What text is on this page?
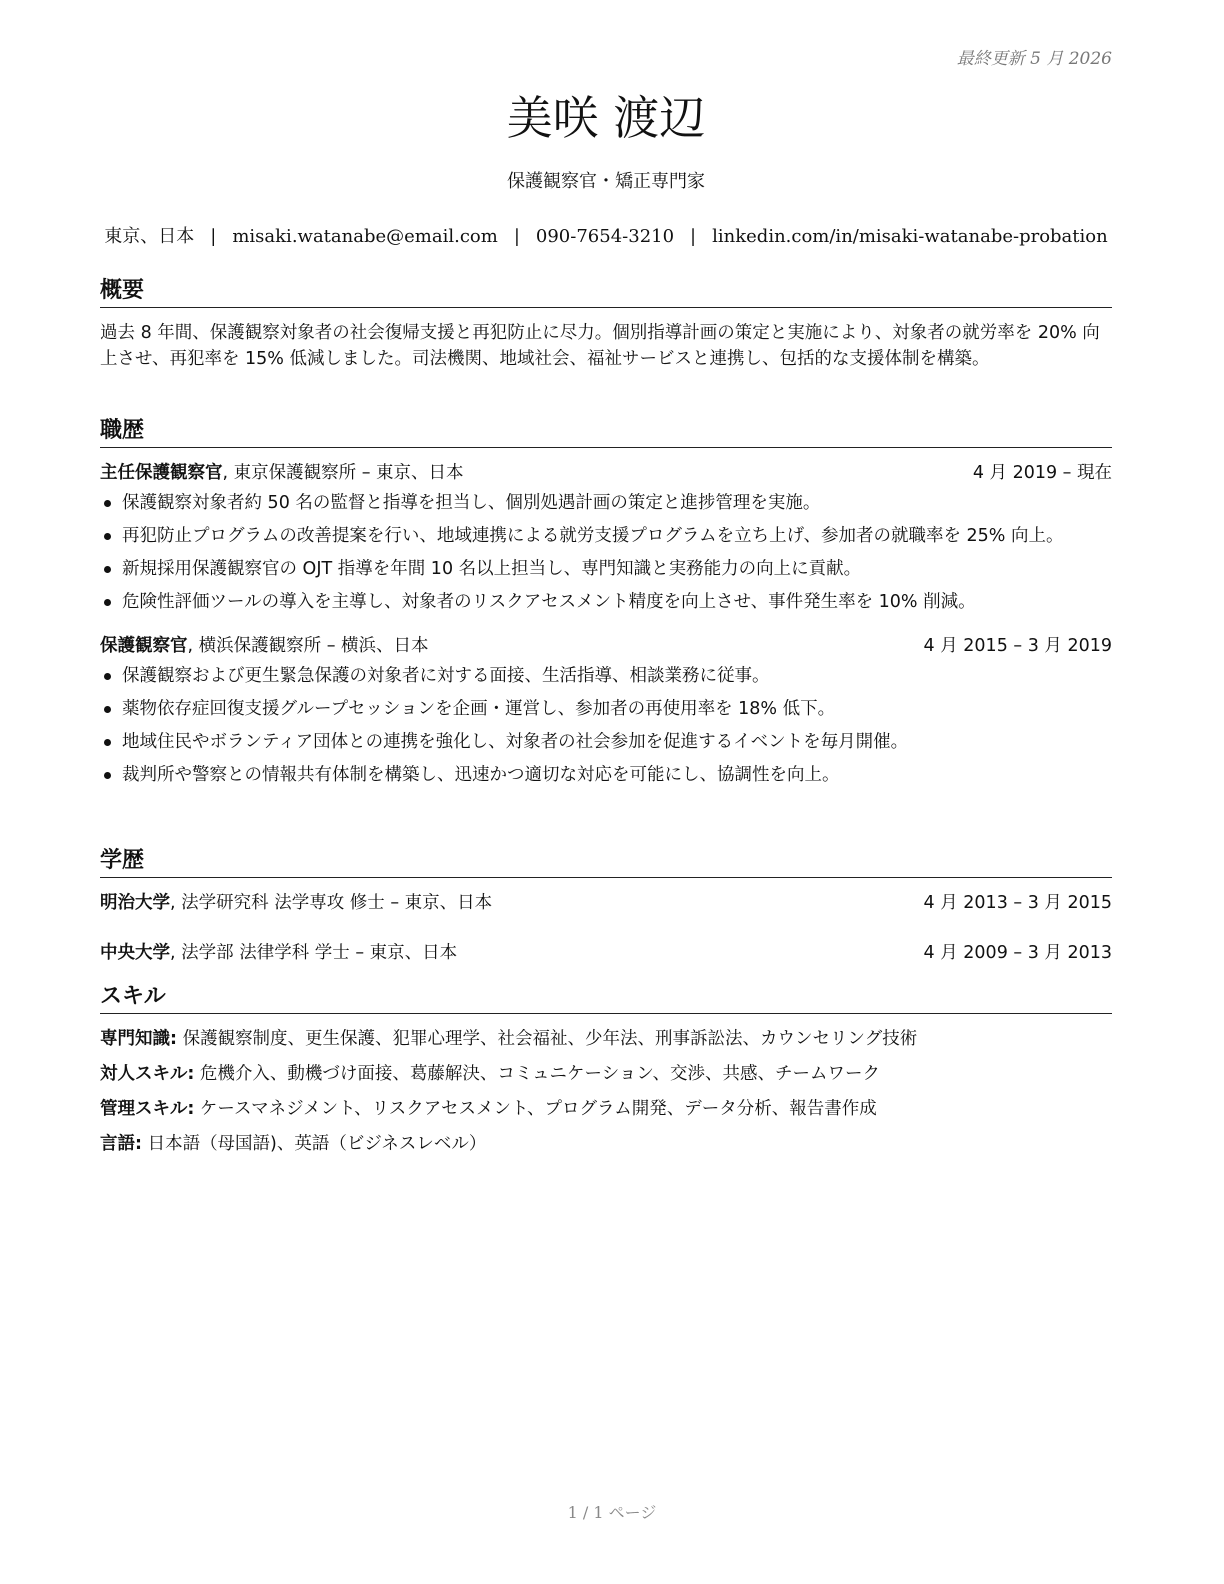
最終更新 5 月 2026
美咲 渡辺
保護観察官・矯正専門家
東京、日本 | misaki.watanabe@email.com | 090-7654-3210 | linkedin.com/in/misaki-watanabe-probation
概要
過去 8 年間、保護観察対象者の社会復帰支援と再犯防止に尽力。個別指導計画の策定と実施により、対象者の就労率を 20% 向上させ、再犯率を 15% 低減しました。司法機関、地域社会、福祉サービスと連携し、包括的な支援体制を構築。
職歴
主任保護観察官, 東京保護観察所 – 東京、日本	4 月 2019 – 現在
保護観察対象者約 50 名の監督と指導を担当し、個別処遇計画の策定と進捗管理を実施。
再犯防止プログラムの改善提案を行い、地域連携による就労支援プログラムを立ち上げ、参加者の就職率を 25% 向上。
新規採用保護観察官の OJT 指導を年間 10 名以上担当し、専門知識と実務能力の向上に貢献。
危険性評価ツールの導入を主導し、対象者のリスクアセスメント精度を向上させ、事件発生率を 10% 削減。
保護観察官, 横浜保護観察所 – 横浜、日本	4 月 2015 – 3 月 2019
保護観察および更生緊急保護の対象者に対する面接、生活指導、相談業務に従事。
薬物依存症回復支援グループセッションを企画・運営し、参加者の再使用率を 18% 低下。
地域住民やボランティア団体との連携を強化し、対象者の社会参加を促進するイベントを毎月開催。
裁判所や警察との情報共有体制を構築し、迅速かつ適切な対応を可能にし、協調性を向上。
学歴
明治大学, 法学研究科 法学専攻 修士 – 東京、日本	4 月 2013 – 3 月 2015
中央大学, 法学部 法律学科 学士 – 東京、日本	4 月 2009 – 3 月 2013
スキル
専門知識: 保護観察制度、更生保護、犯罪心理学、社会福祉、少年法、刑事訴訟法、カウンセリング技術
対人スキル: 危機介入、動機づけ面接、葛藤解決、コミュニケーション、交渉、共感、チームワーク
管理スキル: ケースマネジメント、リスクアセスメント、プログラム開発、データ分析、報告書作成
言語: 日本語（母国語)、英語（ビジネスレベル）
1 / 1 ページ
